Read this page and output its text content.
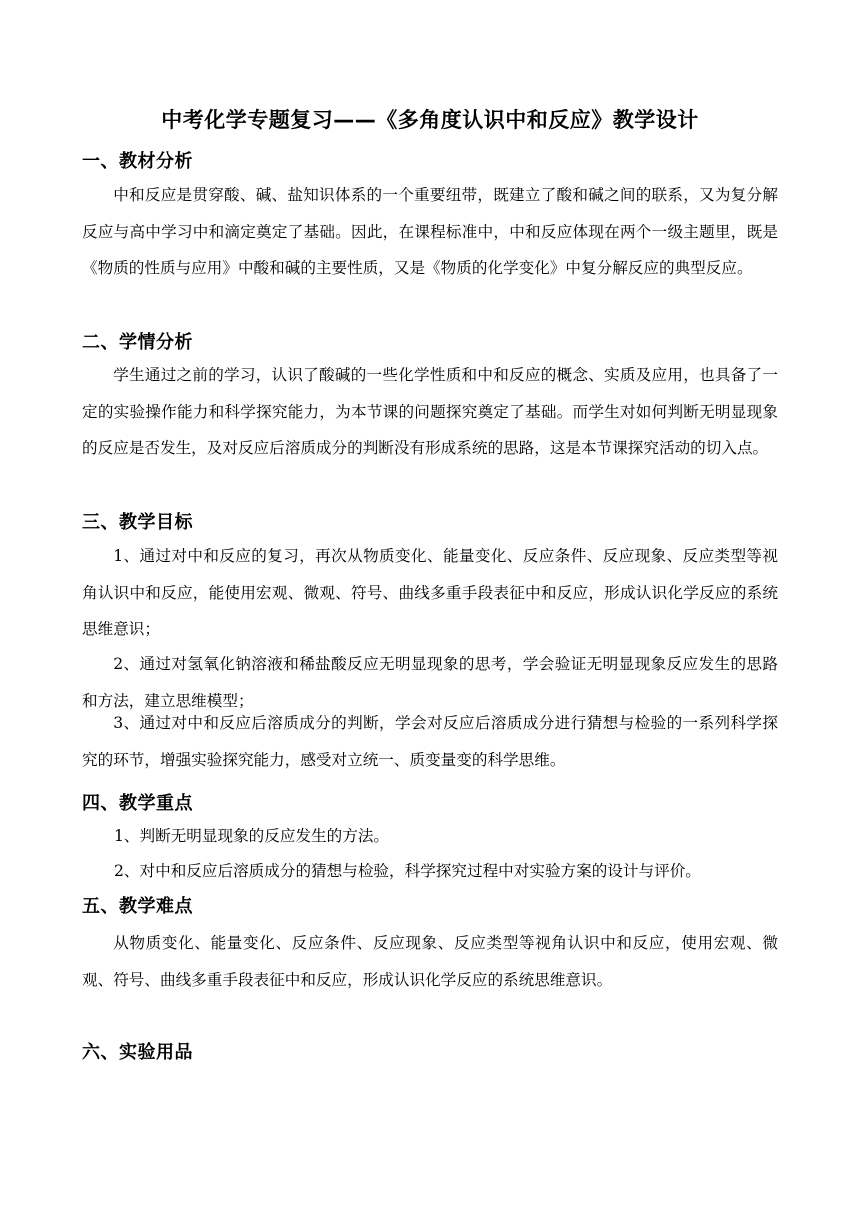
中考化学专题复习——《多角度认识中和反应》教学设计
一、教材分析
中和反应是贯穿酸、碱、盐知识体系的一个重要纽带，既建立了酸和碱之间的联系，又为复分解反应与高中学习中和滴定奠定了基础。因此，在课程标准中，中和反应体现在两个一级主题里，既是《物质的性质与应用》中酸和碱的主要性质，又是《物质的化学变化》中复分解反应的典型反应。
二、学情分析
学生通过之前的学习，认识了酸碱的一些化学性质和中和反应的概念、实质及应用，也具备了一定的实验操作能力和科学探究能力，为本节课的问题探究奠定了基础。而学生对如何判断无明显现象的反应是否发生，及对反应后溶质成分的判断没有形成系统的思路，这是本节课探究活动的切入点。
三、教学目标
1、通过对中和反应的复习，再次从物质变化、能量变化、反应条件、反应现象、反应类型等视角认识中和反应，能使用宏观、微观、符号、曲线多重手段表征中和反应，形成认识化学反应的系统思维意识；
2、通过对氢氧化钠溶液和稀盐酸反应无明显现象的思考，学会验证无明显现象反应发生的思路和方法，建立思维模型；
3、通过对中和反应后溶质成分的判断，学会对反应后溶质成分进行猜想与检验的一系列科学探究的环节，增强实验探究能力，感受对立统一、质变量变的科学思维。
四、教学重点
1、判断无明显现象的反应发生的方法。
2、对中和反应后溶质成分的猜想与检验，科学探究过程中对实验方案的设计与评价。
五、教学难点
从物质变化、能量变化、反应条件、反应现象、反应类型等视角认识中和反应，使用宏观、微观、符号、曲线多重手段表征中和反应，形成认识化学反应的系统思维意识。
六、实验用品
